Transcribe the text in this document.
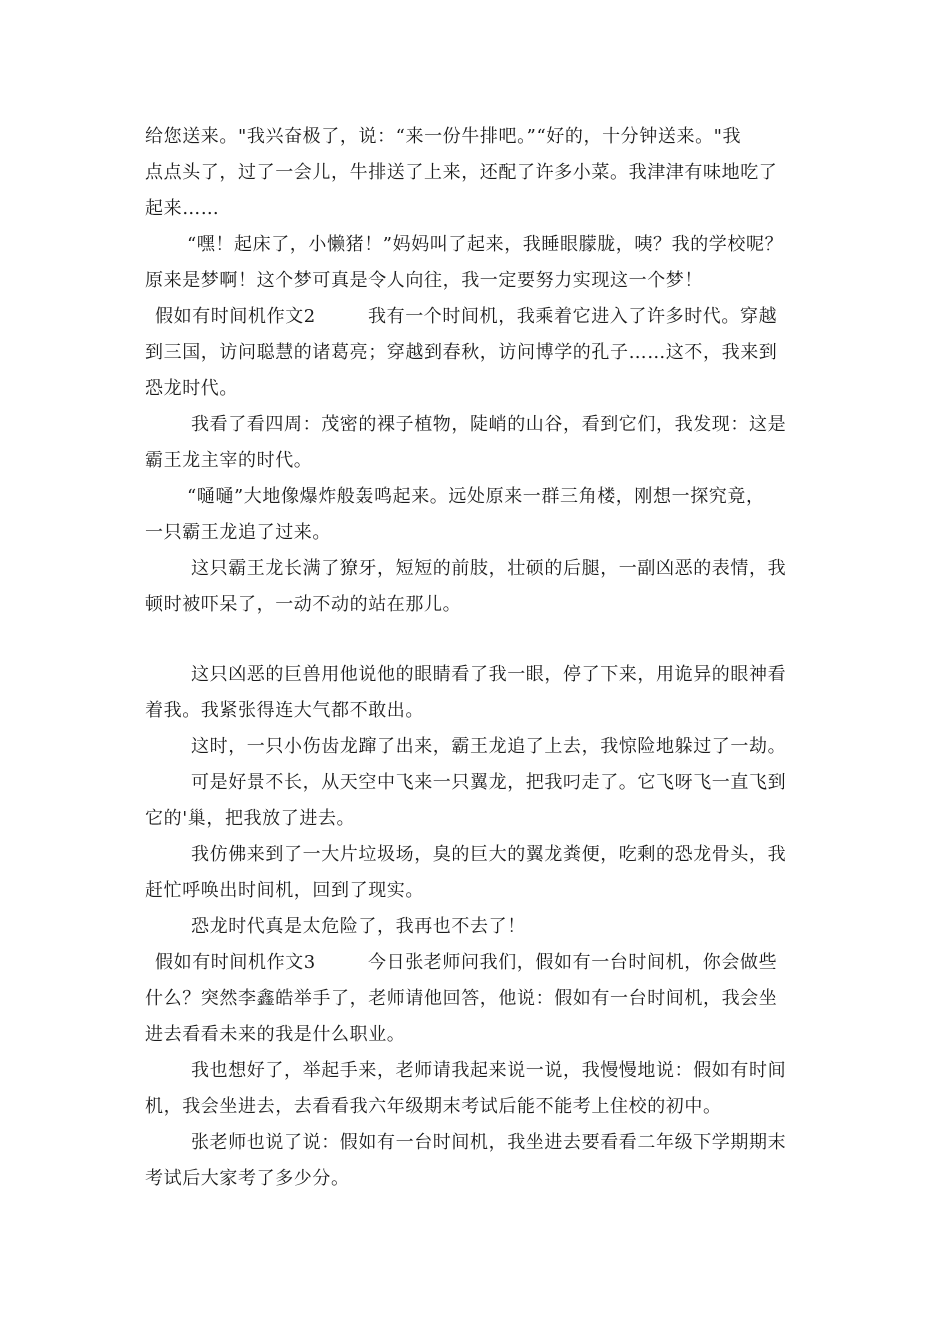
给您送来。"我兴奋极了，说：“来一份牛排吧。”“好的，十分钟送来。"我
点点头了，过了一会儿，牛排送了上来，还配了许多小菜。我津津有味地吃了
起来……
“嘿！起床了，小懒猪！”妈妈叫了起来，我睡眼朦胧，咦？我的学校呢？
原来是梦啊！这个梦可真是令人向往，我一定要努力实现这一个梦！
假如有时间机作文2	我有一个时间机，我乘着它进入了许多时代。穿越
到三国，访问聪慧的诸葛亮；穿越到春秋，访问博学的孔子……这不，我来到
恐龙时代。
我看了看四周：茂密的裸子植物，陡峭的山谷，看到它们，我发现：这是
霸王龙主宰的时代。
“嗵嗵”大地像爆炸般轰鸣起来。远处原来一群三角楼，刚想一探究竟，
一只霸王龙追了过来。
这只霸王龙长满了獠牙，短短的前肢，壮硕的后腿，一副凶恶的表情，我
顿时被吓呆了，一动不动的站在那儿。
这只凶恶的巨兽用他说他的眼睛看了我一眼，停了下来，用诡异的眼神看
着我。我紧张得连大气都不敢出。
这时，一只小伤齿龙蹿了出来，霸王龙追了上去，我惊险地躲过了一劫。
可是好景不长，从天空中飞来一只翼龙，把我叼走了。它飞呀飞一直飞到
它的'巢，把我放了进去。
我仿佛来到了一大片垃圾场，臭的巨大的翼龙粪便，吃剩的恐龙骨头，我
赶忙呼唤出时间机，回到了现实。
恐龙时代真是太危险了，我再也不去了！
假如有时间机作文3	今日张老师问我们，假如有一台时间机，你会做些
什么？突然李鑫皓举手了，老师请他回答，他说：假如有一台时间机，我会坐
进去看看未来的我是什么职业。
我也想好了，举起手来，老师请我起来说一说，我慢慢地说：假如有时间
机，我会坐进去，去看看我六年级期末考试后能不能考上住校的初中。
张老师也说了说：假如有一台时间机，我坐进去要看看二年级下学期期末
考试后大家考了多少分。
